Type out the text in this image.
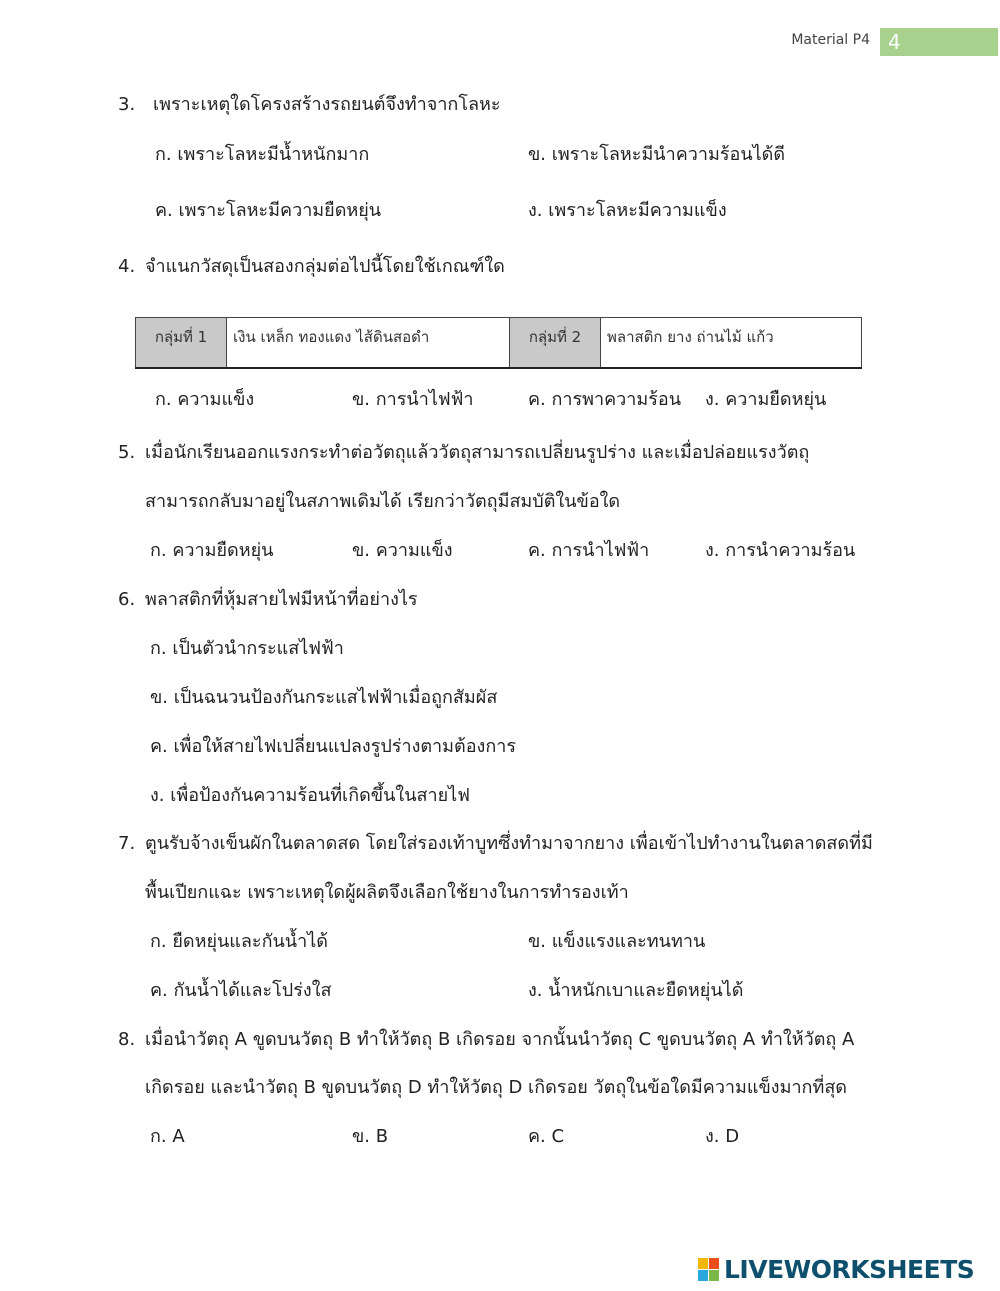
Material P4 4
3. เพราะเหตุใดโครงสร้างรถยนต์จึงทำจากโลหะ
ก. เพราะโลหะมีน้ำหนักมาก	ข. เพราะโลหะมีนำความร้อนได้ดี
ค. เพราะโลหะมีความยืดหยุ่น	ง. เพราะโลหะมีความแข็ง
4. จำแนกวัสดุเป็นสองกลุ่มต่อไปนี้โดยใช้เกณฑ์ใด
กลุ่มที่ 1	เงิน เหล็ก ทองแดง ไส้ดินสอดำ	กลุ่มที่ 2	พลาสติก ยาง ถ่านไม้ แก้ว
ก. ความแข็ง	ข. การนำไฟฟ้า	ค. การพาความร้อน ง. ความยืดหยุ่น
5. เมื่อนักเรียนออกแรงกระทำต่อวัตถุแล้ววัตถุสามารถเปลี่ยนรูปร่าง และเมื่อปล่อยแรงวัตถุ
สามารถกลับมาอยู่ในสภาพเดิมได้ เรียกว่าวัตถุมีสมบัติในข้อใด
ก. ความยืดหยุ่น	ข. ความแข็ง	ค. การนำไฟฟ้า	ง. การนำความร้อน
6. พลาสติกที่หุ้มสายไฟมีหน้าที่อย่างไร
ก. เป็นตัวนำกระแสไฟฟ้า
ข. เป็นฉนวนป้องกันกระแสไฟฟ้าเมื่อถูกสัมผัส
ค. เพื่อให้สายไฟเปลี่ยนแปลงรูปร่างตามต้องการ
ง. เพื่อป้องกันความร้อนที่เกิดขึ้นในสายไฟ
7. ตูนรับจ้างเข็นผักในตลาดสด โดยใส่รองเท้าบูทซึ่งทำมาจากยาง เพื่อเข้าไปทำงานในตลาดสดที่มี
พื้นเปียกแฉะ เพราะเหตุใดผู้ผลิตจึงเลือกใช้ยางในการทำรองเท้า
ก. ยืดหยุ่นและกันน้ำได้	ข. แข็งแรงและทนทาน
ค. กันน้ำได้และโปร่งใส	ง. น้ำหนักเบาและยืดหยุ่นได้
8. เมื่อนำวัตถุ A ขูดบนวัตถุ B ทำให้วัตถุ B เกิดรอย จากนั้นนำวัตถุ C ขูดบนวัตถุ A ทำให้วัตถุ A
เกิดรอย และนำวัตถุ B ขูดบนวัตถุ D ทำให้วัตถุ D เกิดรอย วัตถุในข้อใดมีความแข็งมากที่สุด
ก. A	ข. B	ค. C	ง. D
LIVEWORKSHEETS
